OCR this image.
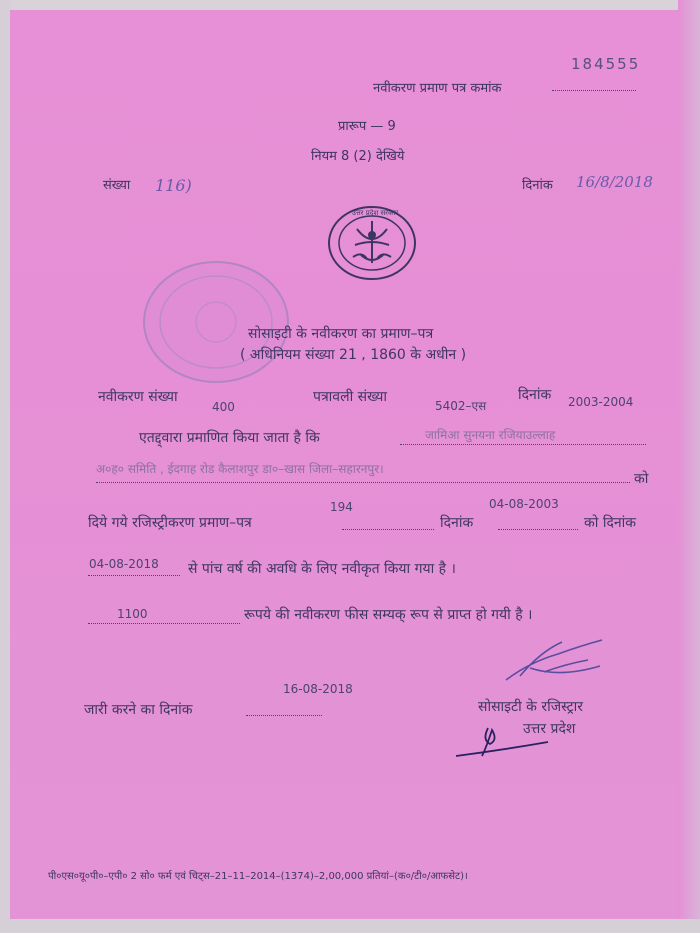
184555
नवीकरण प्रमाण पत्र कमांक
प्रारूप — 9
नियम 8 (2) देखिये
संख्या 116)	दिनांक 16/8/2018
उत्तर प्रदेश सरकार
सोसाइटी के नवीकरण का प्रमाण–पत्र
( अधिनियम संख्या 21 , 1860 के अधीन )
नवीकरण संख्या
400
पत्रावली संख्या
5402–एस
दिनांक 2003-2004
एतद्द्वारा प्रमाणित किया जाता है कि	जामिआ सुनयना रजियाउल्लाह
अ०ह० समिति , ईदगाह रोड कैलाशपुर डा०–खास जिला–सहारनपुर।
को
194	04-08-2003
दिये गये रजिस्ट्रीकरण प्रमाण–पत्र	दिनांक	को दिनांक
04-08-2018 से पांच वर्ष की अवधि के लिए नवीकृत किया गया है ।
1100	रूपये की नवीकरण फीस सम्यक् रूप से प्राप्त हो गयी है ।
16-08-2018
जारी करने का दिनांक	सोसाइटी के रजिस्ट्रार
उत्तर प्रदेश
पी०एस०यू०पी०–एपी० 2 सो० फर्म एवं चिट्स–21–11–2014–(1374)–2,00,000 प्रतियां–(क०/टी०/आफसेट)।
